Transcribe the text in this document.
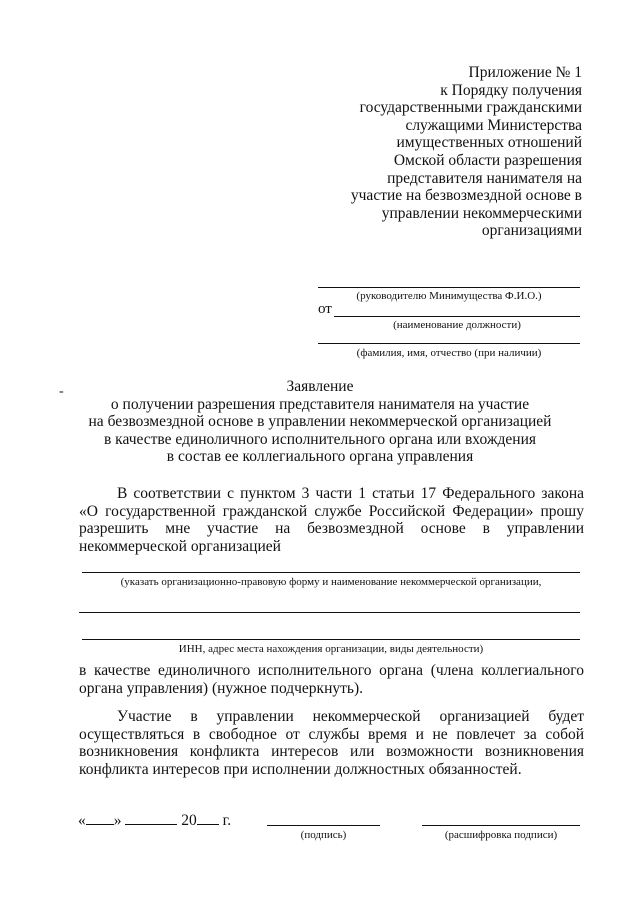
Приложение № 1
к Порядку получения
государственными гражданскими
служащими Министерства
имущественных отношений
Омской области разрешения
представителя нанимателя на
участие на безвозмездной основе в
управлении некоммерческими
организациями
(руководителю Минимущества Ф.И.О.)
от
(наименование должности)
(фамилия, имя, отчество (при наличии)
-	Заявление
о получении разрешения представителя нанимателя на участие
на безвозмездной основе в управлении некоммерческой организацией
в качестве единоличного исполнительного органа или вхождения
в состав ее коллегиального органа управления
В соответствии с пунктом 3 части 1 статьи 17 Федерального закона
«О государственной гражданской службе Российской Федерации» прошу
разрешить мне участие на безвозмездной основе в управлении
некоммерческой организацией
(указать организационно-правовую форму и наименование некоммерческой организации,
ИНН, адрес места нахождения организации, виды деятельности)
в качестве единоличного исполнительного органа (члена коллегиального
органа управления) (нужное подчеркнуть).
Участие в управлении некоммерческой организацией будет
осуществляться в свободное от службы время и не повлечет за собой
возникновения конфликта интересов или возможности возникновения
конфликта интересов при исполнении должностных обязанностей.
« »	20 г.
(подпись)	(расшифровка подписи)
